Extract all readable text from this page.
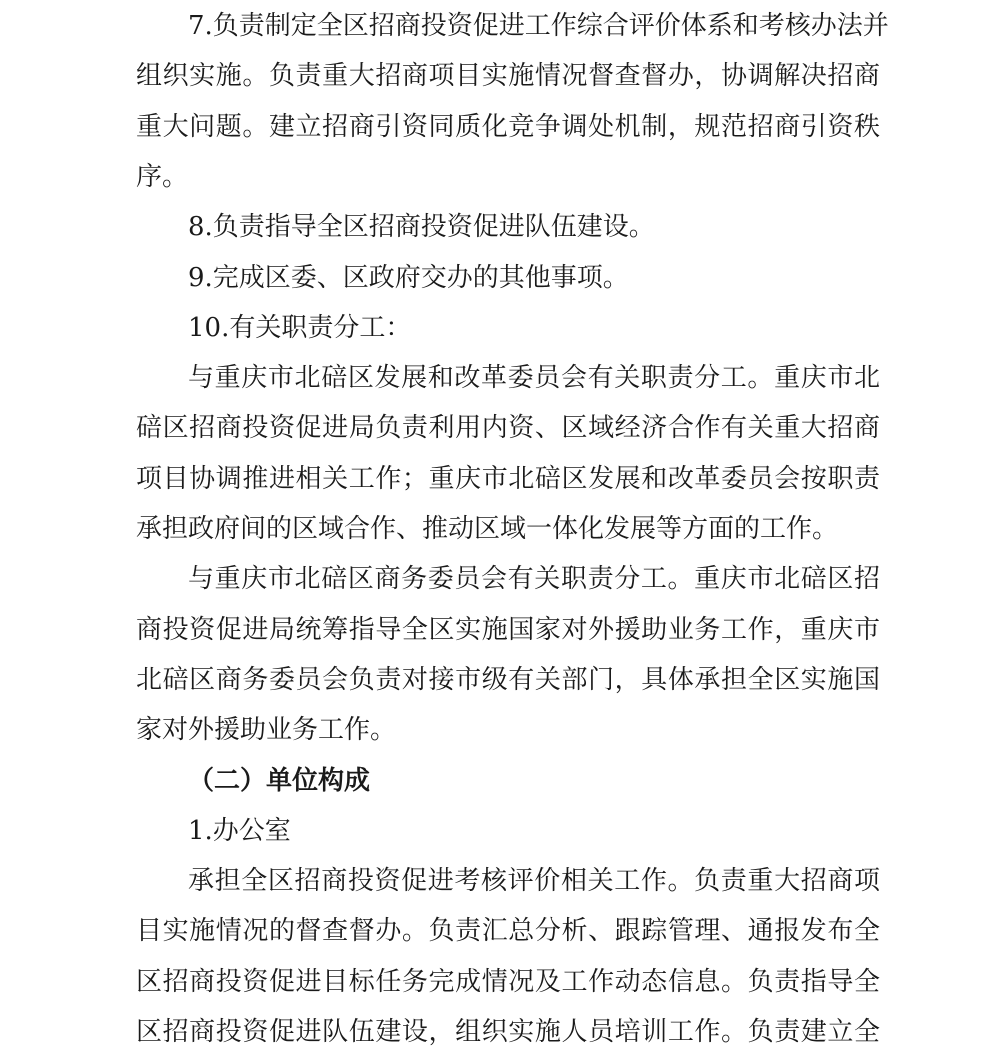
7.负责制定全区招商投资促进工作综合评价体系和考核办法并
组织实施。负责重大招商项目实施情况督查督办，协调解决招商
重大问题。建立招商引资同质化竞争调处机制，规范招商引资秩
序。
8.负责指导全区招商投资促进队伍建设。
9.完成区委、区政府交办的其他事项。
10.有关职责分工：
与重庆市北碚区发展和改革委员会有关职责分工。重庆市北
碚区招商投资促进局负责利用内资、区域经济合作有关重大招商
项目协调推进相关工作；重庆市北碚区发展和改革委员会按职责
承担政府间的区域合作、推动区域一体化发展等方面的工作。
与重庆市北碚区商务委员会有关职责分工。重庆市北碚区招
商投资促进局统筹指导全区实施国家对外援助业务工作，重庆市
北碚区商务委员会负责对接市级有关部门，具体承担全区实施国
家对外援助业务工作。
（二）单位构成
1.办公室
承担全区招商投资促进考核评价相关工作。负责重大招商项
目实施情况的督查督办。负责汇总分析、跟踪管理、通报发布全
区招商投资促进目标任务完成情况及工作动态信息。负责指导全
区招商投资促进队伍建设，组织实施人员培训工作。负责建立全
